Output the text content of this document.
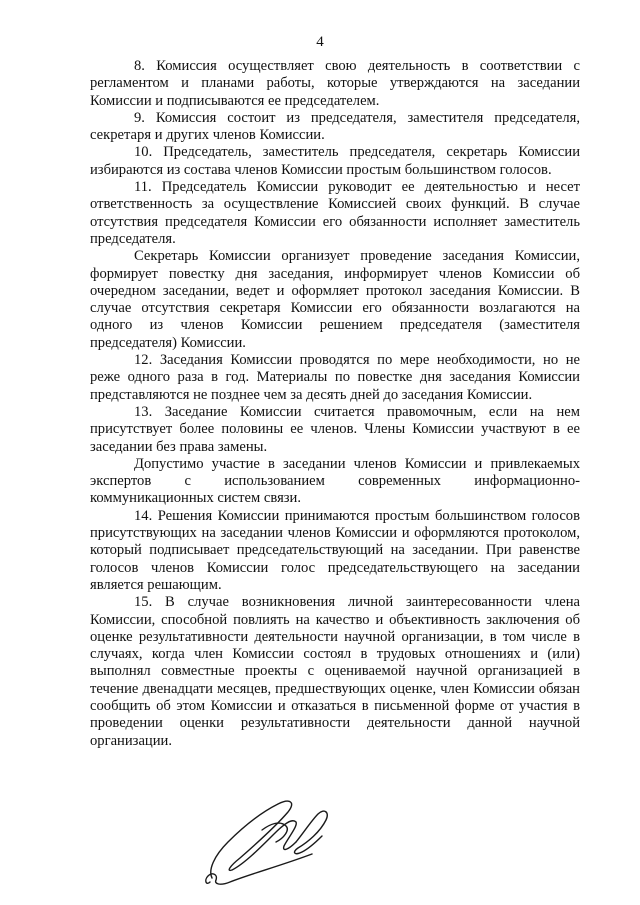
4

8. Комиссия осуществляет свою деятельность в соответствии с регламентом и планами работы, которые утверждаются на заседании Комиссии и подписываются ее председателем.

9. Комиссия состоит из председателя, заместителя председателя, секретаря и других членов Комиссии.

10. Председатель, заместитель председателя, секретарь Комиссии избираются из состава членов Комиссии простым большинством голосов.

11. Председатель Комиссии руководит ее деятельностью и несет ответственность за осуществление Комиссией своих функций. В случае отсутствия председателя Комиссии его обязанности исполняет заместитель председателя.

Секретарь Комиссии организует проведение заседания Комиссии, формирует повестку дня заседания, информирует членов Комиссии об очередном заседании, ведет и оформляет протокол заседания Комиссии. В случае отсутствия секретаря Комиссии его обязанности возлагаются на одного из членов Комиссии решением председателя (заместителя председателя) Комиссии.

12. Заседания Комиссии проводятся по мере необходимости, но не реже одного раза в год. Материалы по повестке дня заседания Комиссии представляются не позднее чем за десять дней до заседания Комиссии.

13. Заседание Комиссии считается правомочным, если на нем присутствует более половины ее членов. Члены Комиссии участвуют в ее заседании без права замены.

Допустимо участие в заседании членов Комиссии и привлекаемых экспертов с использованием современных информационно-коммуникационных систем связи.

14. Решения Комиссии принимаются простым большинством голосов присутствующих на заседании членов Комиссии и оформляются протоколом, который подписывает председательствующий на заседании. При равенстве голосов членов Комиссии голос председательствующего на заседании является решающим.

15. В случае возникновения личной заинтересованности члена Комиссии, способной повлиять на качество и объективность заключения об оценке результативности деятельности научной организации, в том числе в случаях, когда член Комиссии состоял в трудовых отношениях и (или) выполнял совместные проекты с оцениваемой научной организацией в течение двенадцати месяцев, предшествующих оценке, член Комиссии обязан сообщить об этом Комиссии и отказаться в письменной форме от участия в проведении оценки результативности деятельности данной научной организации.
